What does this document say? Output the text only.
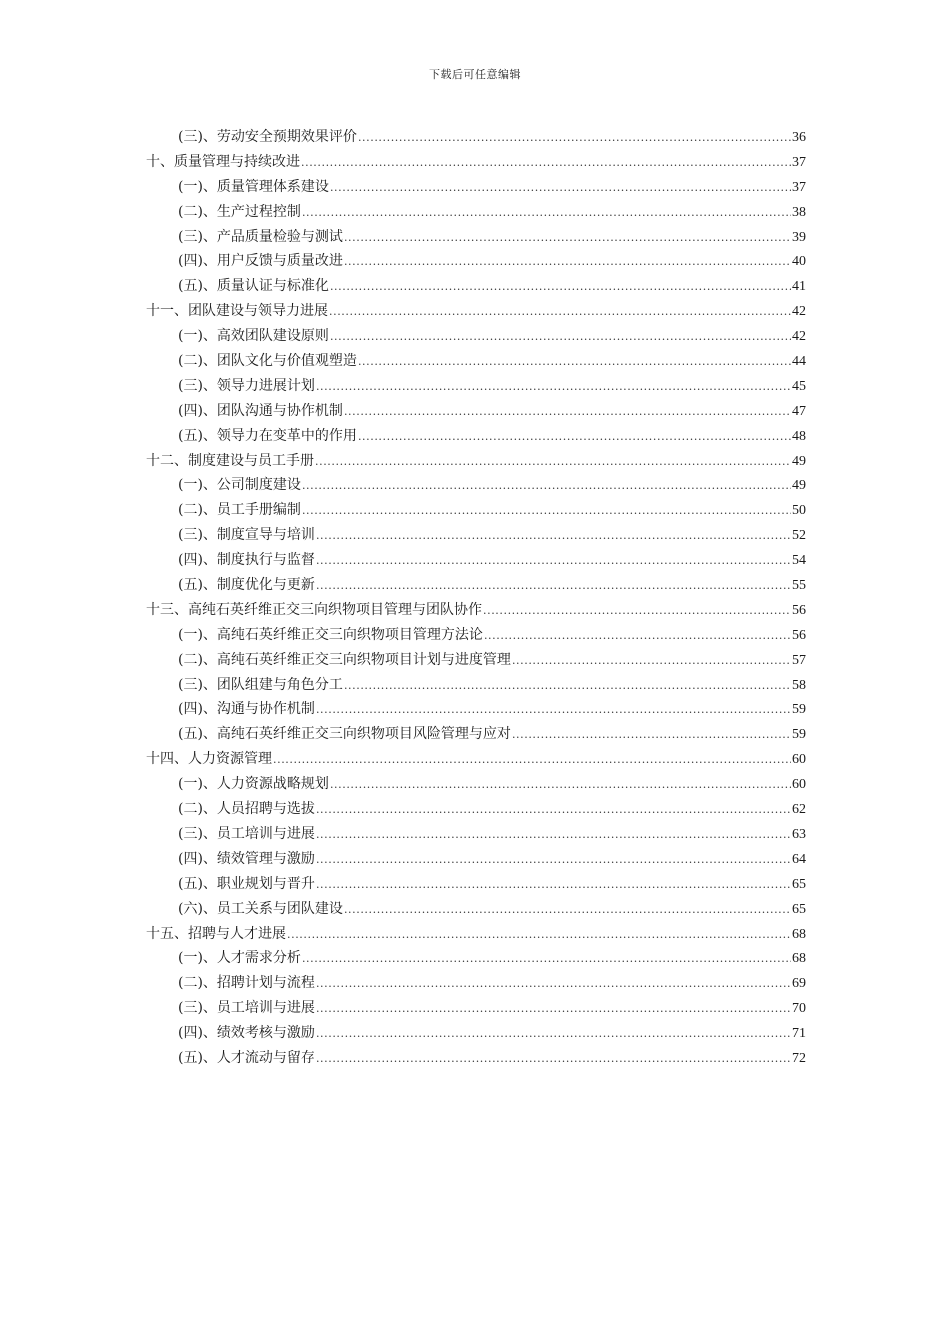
下载后可任意编辑
(三)、劳动安全预期效果评价 .....	36
十、质量管理与持续改进 .....	37
(一)、质量管理体系建设 .....	37
(二)、生产过程控制 .....	38
(三)、产品质量检验与测试 .....	39
(四)、用户反馈与质量改进 .....	40
(五)、质量认证与标准化 .....	41
十一、团队建设与领导力进展 .....	42
(一)、高效团队建设原则 .....	42
(二)、团队文化与价值观塑造 .....	44
(三)、领导力进展计划 .....	45
(四)、团队沟通与协作机制 .....	47
(五)、领导力在变革中的作用 .....	48
十二、制度建设与员工手册 .....	49
(一)、公司制度建设 .....	49
(二)、员工手册编制 .....	50
(三)、制度宣导与培训 .....	52
(四)、制度执行与监督 .....	54
(五)、制度优化与更新 .....	55
十三、高纯石英纤维正交三向织物项目管理与团队协作 .....	56
(一)、高纯石英纤维正交三向织物项目管理方法论 .....	56
(二)、高纯石英纤维正交三向织物项目计划与进度管理 .....	57
(三)、团队组建与角色分工 .....	58
(四)、沟通与协作机制 .....	59
(五)、高纯石英纤维正交三向织物项目风险管理与应对 .....	59
十四、人力资源管理 .....	60
(一)、人力资源战略规划 .....	60
(二)、人员招聘与选拔 .....	62
(三)、员工培训与进展 .....	63
(四)、绩效管理与激励 .....	64
(五)、职业规划与晋升 .....	65
(六)、员工关系与团队建设 .....	65
十五、招聘与人才进展 .....	68
(一)、人才需求分析 .....	68
(二)、招聘计划与流程 .....	69
(三)、员工培训与进展 .....	70
(四)、绩效考核与激励 .....	71
(五)、人才流动与留存 .....	72
